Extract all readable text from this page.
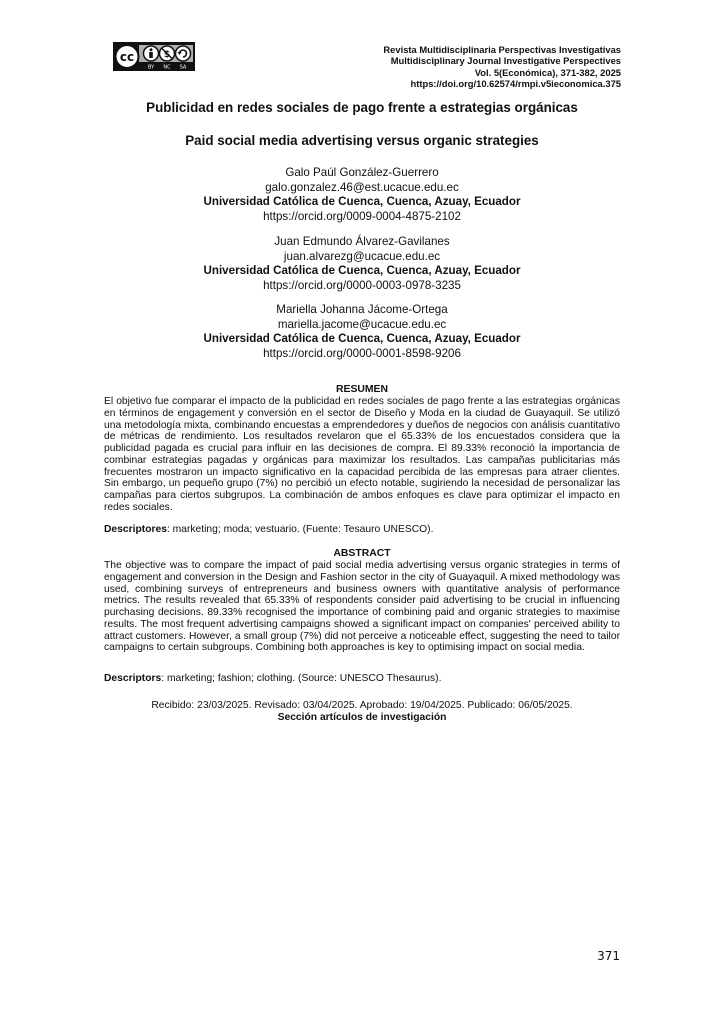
cc	$
BY NC SA
Revista Multidisciplinaria Perspectivas Investigativas
Multidisciplinary Journal Investigative Perspectives
Vol. 5(Económica), 371-382, 2025
https://doi.org/10.62574/rmpi.v5ieconomica.375
Publicidad en redes sociales de pago frente a estrategias orgánicas
Paid social media advertising versus organic strategies
Galo Paúl González-Guerrero
galo.gonzalez.46@est.ucacue.edu.ec
Universidad Católica de Cuenca, Cuenca, Azuay, Ecuador
https://orcid.org/0009-0004-4875-2102
Juan Edmundo Álvarez-Gavilanes
juan.alvarezg@ucacue.edu.ec
Universidad Católica de Cuenca, Cuenca, Azuay, Ecuador
https://orcid.org/0000-0003-0978-3235
Mariella Johanna Jácome-Ortega
mariella.jacome@ucacue.edu.ec
Universidad Católica de Cuenca, Cuenca, Azuay, Ecuador
https://orcid.org/0000-0001-8598-9206
RESUMEN
El objetivo fue comparar el impacto de la publicidad en redes sociales de pago frente a las estrategias orgánicas en términos de engagement y conversión en el sector de Diseño y Moda en la ciudad de Guayaquil. Se utilizó una metodología mixta, combinando encuestas a emprendedores y dueños de negocios con análisis cuantitativo de métricas de rendimiento. Los resultados revelaron que el 65.33% de los encuestados considera que la publicidad pagada es crucial para influir en las decisiones de compra. El 89.33% reconoció la importancia de combinar estrategias pagadas y orgánicas para maximizar los resultados. Las campañas publicitarias más frecuentes mostraron un impacto significativo en la capacidad percibida de las empresas para atraer clientes. Sin embargo, un pequeño grupo (7%) no percibió un efecto notable, sugiriendo la necesidad de personalizar las campañas para ciertos subgrupos. La combinación de ambos enfoques es clave para optimizar el impacto en redes sociales.
Descriptores: marketing; moda; vestuario. (Fuente: Tesauro UNESCO).
ABSTRACT
The objective was to compare the impact of paid social media advertising versus organic strategies in terms of engagement and conversion in the Design and Fashion sector in the city of Guayaquil. A mixed methodology was used, combining surveys of entrepreneurs and business owners with quantitative analysis of performance metrics. The results revealed that 65.33% of respondents consider paid advertising to be crucial in influencing purchasing decisions. 89.33% recognised the importance of combining paid and organic strategies to maximise results. The most frequent advertising campaigns showed a significant impact on companies' perceived ability to attract customers. However, a small group (7%) did not perceive a noticeable effect, suggesting the need to tailor campaigns to certain subgroups. Combining both approaches is key to optimising impact on social media.
Descriptors: marketing; fashion; clothing. (Source: UNESCO Thesaurus).
Recibido: 23/03/2025. Revisado: 03/04/2025. Aprobado: 19/04/2025. Publicado: 06/05/2025.
Sección artículos de investigación
371
